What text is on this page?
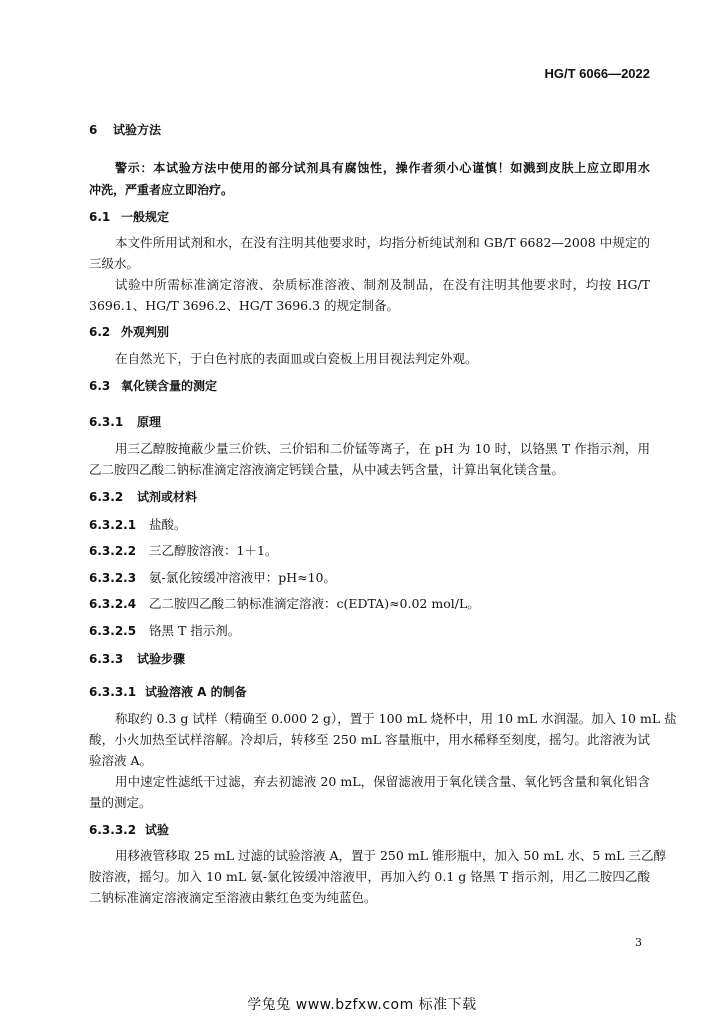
HG/T 6066—2022
6 试验方法
警示：本试验方法中使用的部分试剂具有腐蚀性，操作者须小心谨慎！如溅到皮肤上应立即用水
冲洗，严重者应立即治疗。
6.1 一般规定
本文件所用试剂和水，在没有注明其他要求时，均指分析纯试剂和 GB/T 6682—2008 中规定的
三级水。
试验中所需标准滴定溶液、杂质标准溶液、制剂及制品，在没有注明其他要求时，均按 HG/T
3696.1、HG/T 3696.2、HG/T 3696.3 的规定制备。
6.2 外观判别
在自然光下，于白色衬底的表面皿或白瓷板上用目视法判定外观。
6.3 氧化镁含量的测定
6.3.1 原理
用三乙醇胺掩蔽少量三价铁、三价铝和二价锰等离子，在 pH 为 10 时，以铬黑 T 作指示剂，用
乙二胺四乙酸二钠标准滴定溶液滴定钙镁合量，从中减去钙含量，计算出氧化镁含量。
6.3.2 试剂或材料
6.3.2.1 盐酸。
6.3.2.2 三乙醇胺溶液：1＋1。
6.3.2.3 氨-氯化铵缓冲溶液甲：pH≈10。
6.3.2.4 乙二胺四乙酸二钠标准滴定溶液：c(EDTA)≈0.02 mol/L。
6.3.2.5 铬黑 T 指示剂。
6.3.3 试验步骤
6.3.3.1 试验溶液 A 的制备
称取约 0.3 g 试样（精确至 0.000 2 g），置于 100 mL 烧杯中，用 10 mL 水润湿。加入 10 mL 盐
酸，小火加热至试样溶解。冷却后，转移至 250 mL 容量瓶中，用水稀释至刻度，摇匀。此溶液为试
验溶液 A。
用中速定性滤纸干过滤，弃去初滤液 20 mL，保留滤液用于氧化镁含量、氧化钙含量和氧化铝含
量的测定。
6.3.3.2 试验
用移液管移取 25 mL 过滤的试验溶液 A，置于 250 mL 锥形瓶中，加入 50 mL 水、5 mL 三乙醇
胺溶液，摇匀。加入 10 mL 氨-氯化铵缓冲溶液甲，再加入约 0.1 g 铬黑 T 指示剂，用乙二胺四乙酸
二钠标准滴定溶液滴定至溶液由紫红色变为纯蓝色。
3
学兔兔 www.bzfxw.com 标准下载
